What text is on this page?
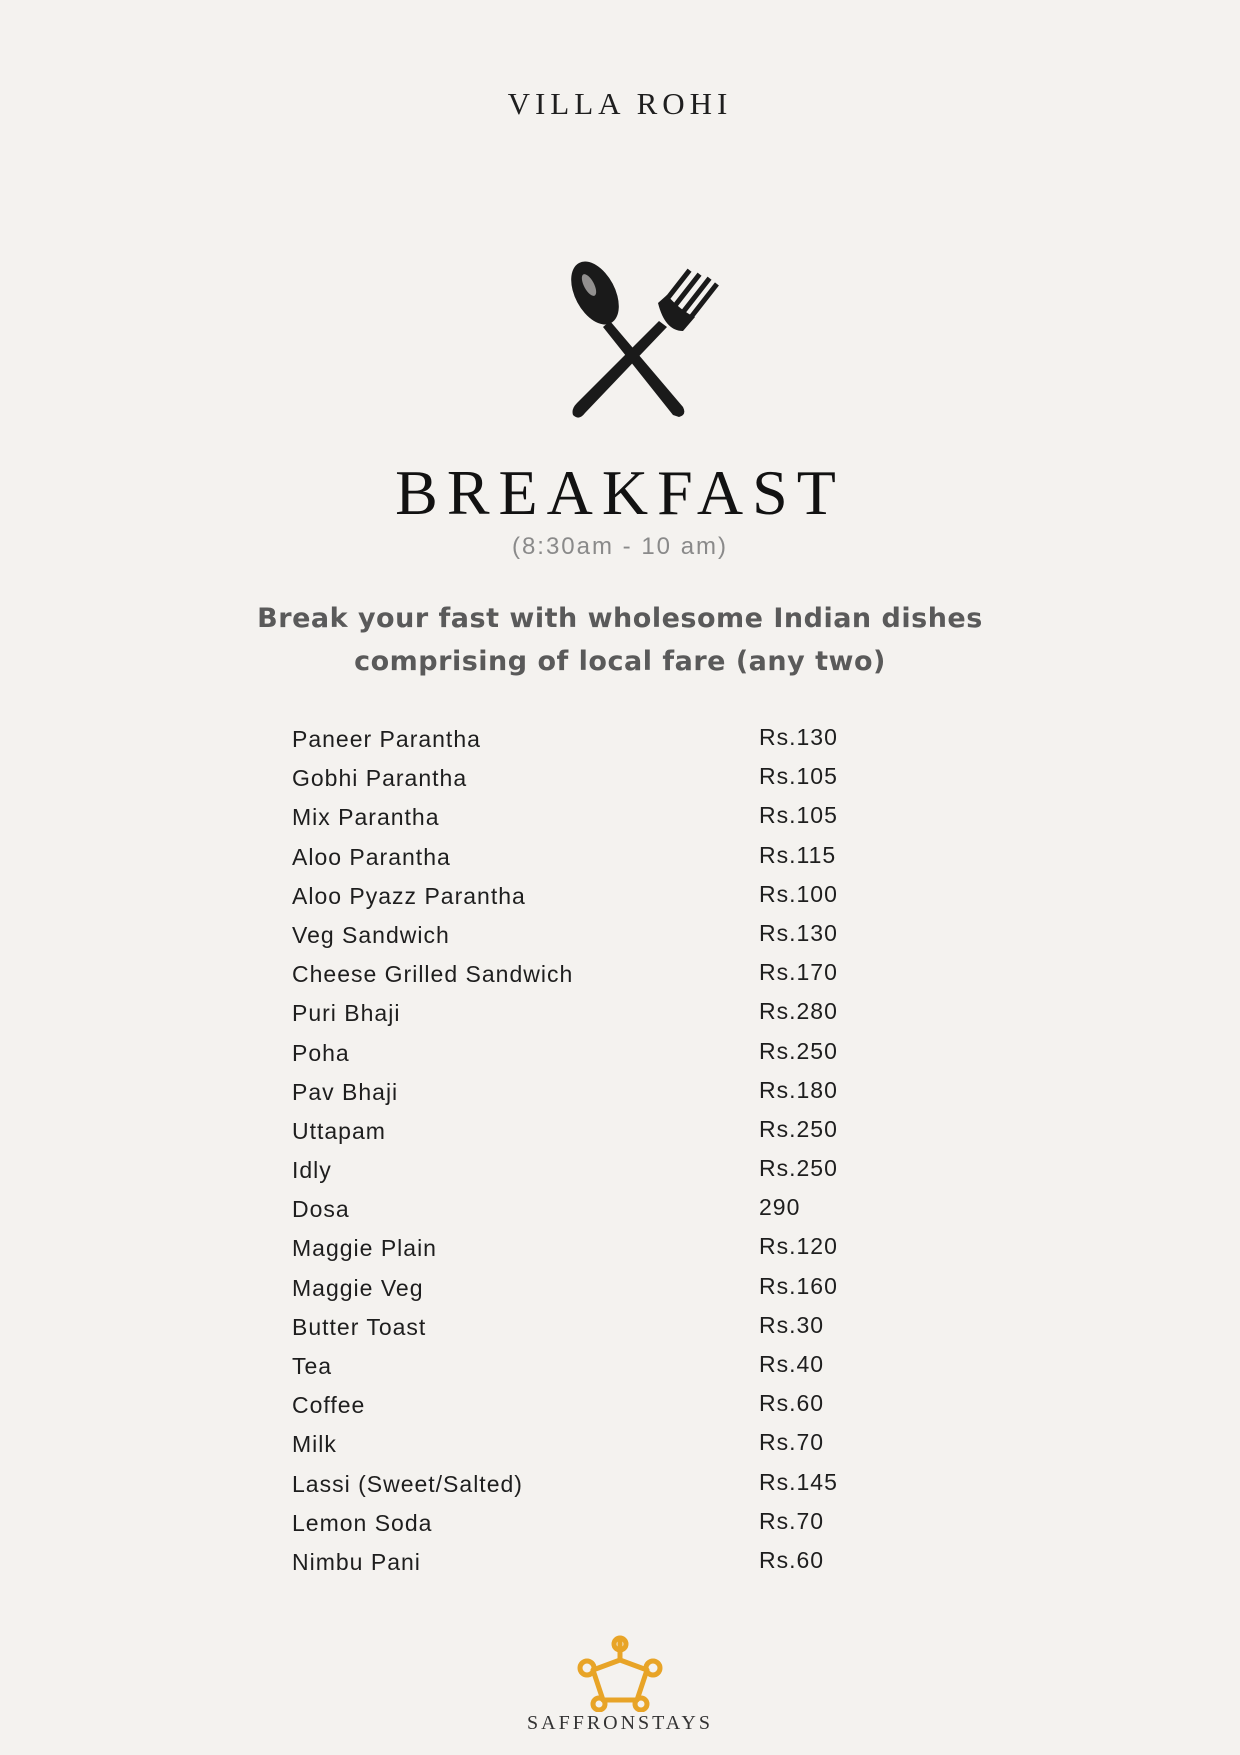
VILLA ROHI
BREAKFAST
(8:30am - 10 am)
Break your fast with wholesome Indian dishes comprising of local fare (any two)
Paneer Parantha	Rs.130
Gobhi Parantha	Rs.105
Mix Parantha	Rs.105
Aloo Parantha	Rs.115
Aloo Pyazz Parantha	Rs.100
Veg Sandwich	Rs.130
Cheese Grilled Sandwich	Rs.170
Puri Bhaji	Rs.280
Poha	Rs.250
Pav Bhaji	Rs.180
Uttapam	Rs.250
Idly	Rs.250
Dosa	290
Maggie Plain	Rs.120
Maggie Veg	Rs.160
Butter Toast	Rs.30
Tea	Rs.40
Coffee	Rs.60
Milk	Rs.70
Lassi (Sweet/Salted)	Rs.145
Lemon Soda	Rs.70
Nimbu Pani	Rs.60
SAFFRONSTAYS
